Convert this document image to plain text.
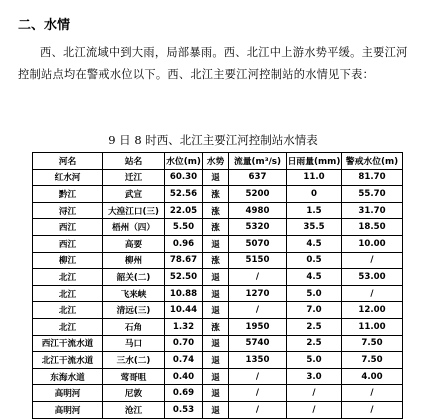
二、水情
西、北江流域中到大雨，局部暴雨。西、北江中上游水势平缓。主要江河控制站点均在警戒水位以下。西、北江主要江河控制站的水情见下表：
9 日 8 时西、北江主要江河控制站水情表
河名	站名	水位(m)	水势	流量(m³/s)	日雨量(mm)	警戒水位(m)
红水河	迁江	60.30	退	637	11.0	81.70
黔江	武宣	52.56	涨	5200	0	55.70
浔江	大湟江口(三)	22.05	涨	4980	1.5	31.70
西江	梧州（四）	5.50	涨	5320	35.5	18.50
西江	高要	0.96	退	5070	4.5	10.00
柳江	柳州	78.67	涨	5150	0.5	/
北江	韶关(二)	52.50	退	/	4.5	53.00
北江	飞来峡	10.88	退	1270	5.0	/
北江	清远(三)	10.44	退	/	7.0	12.00
北江	石角	1.32	涨	1950	2.5	11.00
西江干流水道	马口	0.70	退	5740	2.5	7.50
北江干流水道	三水(二)	0.74	退	1350	5.0	7.50
东海水道	莺哥咀	0.40	退	/	3.0	4.00
高明河	尼敦	0.69	退	/	/	/
高明河	沧江	0.53	退	/	/	/
